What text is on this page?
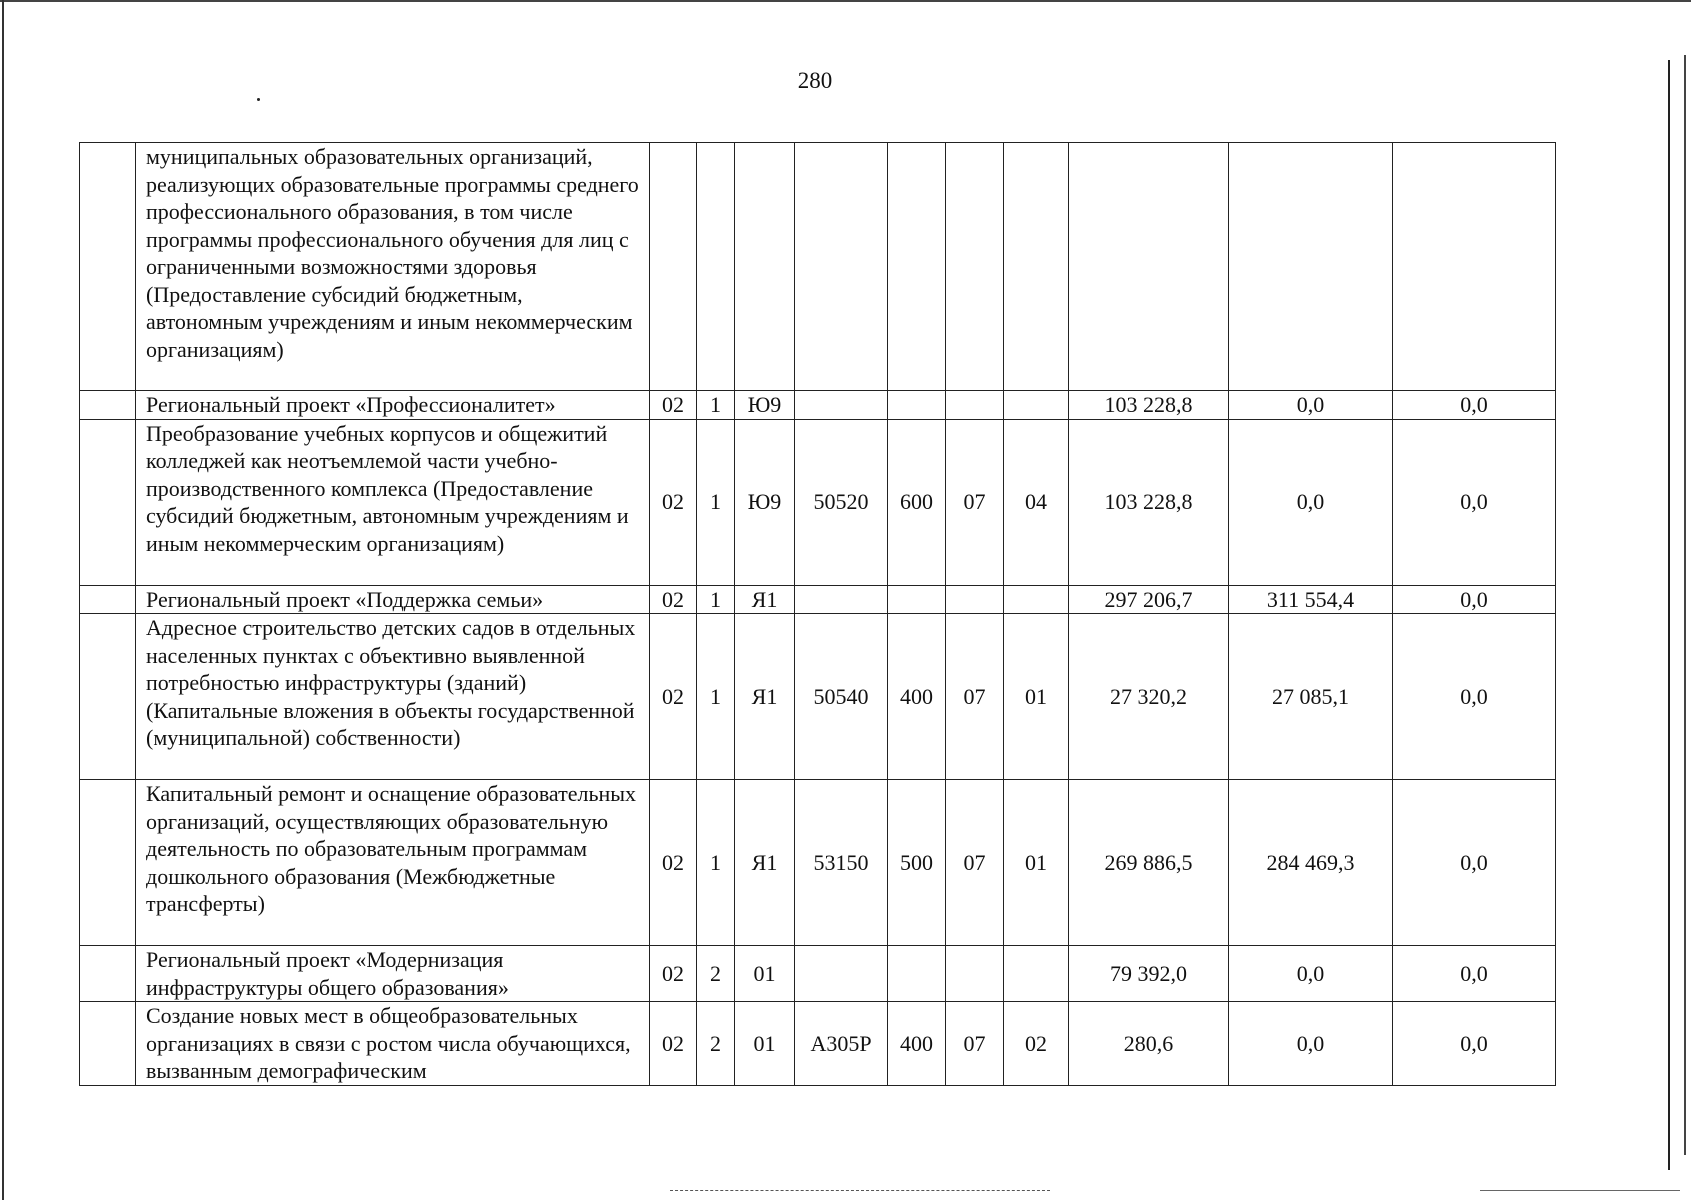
280
	муниципальных образовательных организаций, реализующих образовательные программы среднего профессионального образования, в том числе программы профессионального обучения для лиц с ограниченными возможностями здоровья (Предоставление субсидий бюджетным, автономным учреждениям и иным некоммерческим организациям)										
	Региональный проект «Профессионалитет»	02	1	Ю9					103 228,8	0,0	0,0
	Преобразование учебных корпусов и общежитий колледжей как неотъемлемой части учебно-производственного комплекса (Предоставление субсидий бюджетным, автономным учреждениям и иным некоммерческим организациям)	02	1	Ю9	50520	600	07	04	103 228,8	0,0	0,0
	Региональный проект «Поддержка семьи»	02	1	Я1					297 206,7	311 554,4	0,0
	Адресное строительство детских садов в отдельных населенных пунктах с объективно выявленной потребностью инфраструктуры (зданий) (Капитальные вложения в объекты государственной (муниципальной) собственности)	02	1	Я1	50540	400	07	01	27 320,2	27 085,1	0,0
	Капитальный ремонт и оснащение образовательных организаций, осуществляющих образовательную деятельность по образовательным программам дошкольного образования (Межбюджетные трансферты)	02	1	Я1	53150	500	07	01	269 886,5	284 469,3	0,0
	Региональный проект «Модернизация инфраструктуры общего образования»	02	2	01					79 392,0	0,0	0,0
	Создание новых мест в общеобразовательных организациях в связи с ростом числа обучающихся, вызванным демографическим	02	2	01	А305Р	400	07	02	280,6	0,0	0,0
